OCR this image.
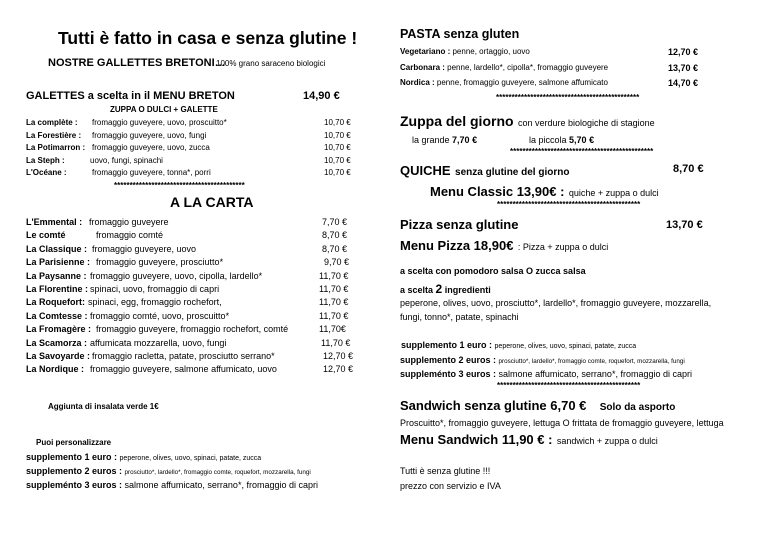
Tutti è fatto in casa e senza glutine !
NOSTRE GALLETTES BRETONI…
100% grano saraceno biologici
GALETTES a scelta in il MENU BRETON	14,90 €
ZUPPA O DULCI + GALETTE
La complète : fromaggio guveyere, uovo, proscuitto*	10,70 €
La Forestière : fromaggio guveyere, uovo, fungi	10,70 €
La Potimarron : fromaggio guveyere, uovo, zucca	10,70 €
La Steph :	uovo, fungi, spinachi	10,70 €
L'Océane :	fromaggio guveyere, tonna*, porri	10,70 €
******************************************
A LA CARTA
L'Emmental : fromaggio guveyere	7,70 €
Le comté	fromaggio comté	8,70 €
La Classique : fromaggio guveyere, uovo	8,70 €
La Parisienne : fromaggio guveyere, prosciutto*	9,70 €
La Paysanne : fromaggio guveyere, uovo, cipolla, lardello*	11,70 €
La Florentine : spinaci, uovo, fromaggio di capri	11,70 €
La Roquefort: spinaci, egg, fromaggio rochefort,	11,70 €
La Comtesse : fromaggio comté, uovo, proscuitto*	11,70 €
La Fromagère : fromaggio guveyere, fromaggio rochefort, comté	11,70€
La Scamorza : affumicata mozzarella, uovo, fungi	11,70 €
La Savoyarde : fromaggio racletta, patate, prosciutto serrano*	12,70 €
La Nordique : fromaggio guveyere, salmone affumicato, uovo	12,70 €
Aggiunta di insalata verde 1€
Puoi personalizzare
supplemento 1 euro : peperone, olives, uovo, spinaci, patate, zucca
supplemento 2 euros : prosciutto*, lardello*, fromaggio comte, roquefort, mozzarella, fungi
suppleménto 3 euros : salmone affumicato, serrano*, fromaggio di capri
PASTA senza gluten
Vegetariano : penne, ortaggio, uovo	12,70 €
Carbonara : penne, lardello*, cipolla*, fromaggio guveyere	13,70 €
Nordica : penne, fromaggio guveyere, salmone affumicato	14,70 €
**********************************************
Zuppa del giorno con verdure biologiche di stagione
la grande 7,70 €	la piccola 5,70 €
**********************************************
QUICHE senza glutine del giorno	8,70 €
Menu Classic 13,90€ : quiche + zuppa o dulci
**********************************************
Pizza senza glutine	13,70 €
Menu Pizza 18,90€ : Pizza + zuppa o dulci
a scelta con pomodoro salsa O zucca salsa
a scelta 2 ingredienti
peperone, olives, uovo, prosciutto*, lardello*, fromaggio guveyere, mozzarella,
fungi, tonno*, patate, spinachi
supplemento 1 euro : peperone, olives, uovo, spinaci, patate, zucca
supplemento 2 euros : prosciutto*, lardello*, fromaggio comte, roquefort, mozzarella, fungi
suppleménto 3 euros : salmone affumicato, serrano*, fromaggio di capri
**********************************************
Sandwich senza glutine 6,70 € Solo da asporto
Proscuitto*, fromaggio guveyere, lettuga O frittata de fromaggio guveyere, lettuga
Menu Sandwich 11,90 € : sandwich + zuppa o dulci
Tutti è senza glutine !!!
prezzo con servizio e IVA
